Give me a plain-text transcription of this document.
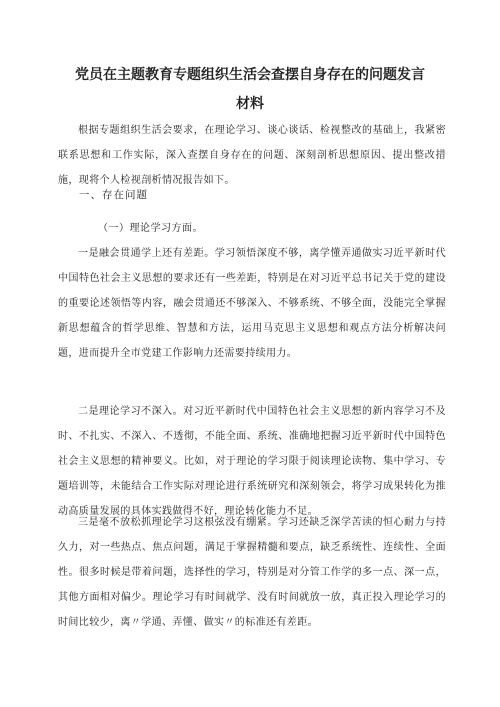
党员在主题教育专题组织生活会查摆自身存在的问题发言
材料

根据专题组织生活会要求，在理论学习、谈心谈话、检视整改的基础上，我紧密联系思想和工作实际，深入查摆自身存在的问题、深刻剖析思想原因、提出整改措施，现将个人检视剖析情况报告如下。

一、存在问题

（一）理论学习方面。

一是融会贯通学上还有差距。学习领悟深度不够，离学懂弄通做实习近平新时代中国特色社会主义思想的要求还有一些差距，特别是在对习近平总书记关于党的建设的重要论述领悟等内容，融会贯通还不够深入、不够系统、不够全面，没能完全掌握新思想蕴含的哲学思维、智慧和方法，运用马克思主义思想和观点方法分析解决问题，进而提升全市党建工作影响力还需要持续用力。

二是理论学习不深入。对习近平新时代中国特色社会主义思想的新内容学习不及时、不扎实、不深入、不透彻，不能全面、系统、准确地把握习近平新时代中国特色社会主义思想的精神要义。比如，对于理论的学习限于阅读理论读物、集中学习、专题培训等，未能结合工作实际对理论进行系统研究和深刻领会，将学习成果转化为推动高质量发展的具体实践做得不好，理论转化能力不足。

三是毫不放松抓理论学习这根弦没有绷紧。学习还缺乏深学苦读的恒心耐力与持久力，对一些热点、焦点问题，满足于掌握精髓和要点，缺乏系统性、连续性、全面性。很多时候是带着问题，选择性的学习，特别是对分管工作学的多一点、深一点，其他方面相对偏少。理论学习有时间就学、没有时间就放一放，真正投入理论学习的时间比较少，离〃学通、弄懂、做实〃的标准还有差距。
